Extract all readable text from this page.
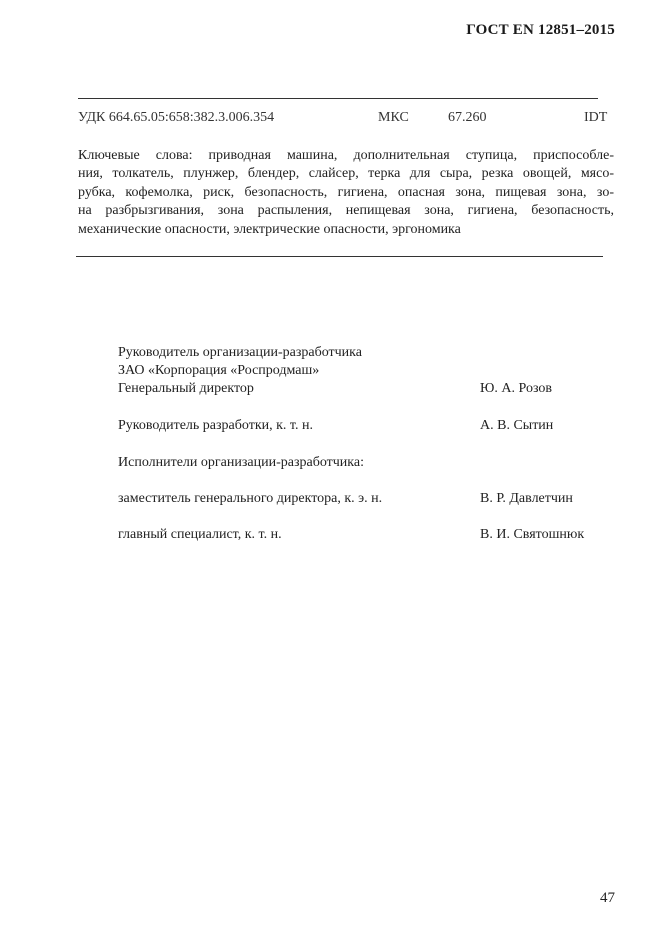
ГОСТ EN 12851–2015
УДК 664.65.05:658:382.3.006.354	МКС	67.260	IDT
Ключевые слова: приводная машина, дополнительная ступица, приспособле-
ния, толкатель, плунжер, блендер, слайсер, терка для сыра, резка овощей, мясо-
рубка, кофемолка, риск, безопасность, гигиена, опасная зона, пищевая зона, зо-
на разбрызгивания, зона распыления, непищевая зона, гигиена, безопасность,
механические опасности, электрические опасности, эргономика
Руководитель организации-разработчика
ЗАО «Корпорация «Роспродмаш»
Генеральный директор	Ю. А. Розов
Руководитель разработки, к. т. н.	А. В. Сытин
Исполнители организации-разработчика:
заместитель генерального директора, к. э. н.	В. Р. Давлетчин
главный специалист, к. т. н.	В. И. Святошнюк
47
